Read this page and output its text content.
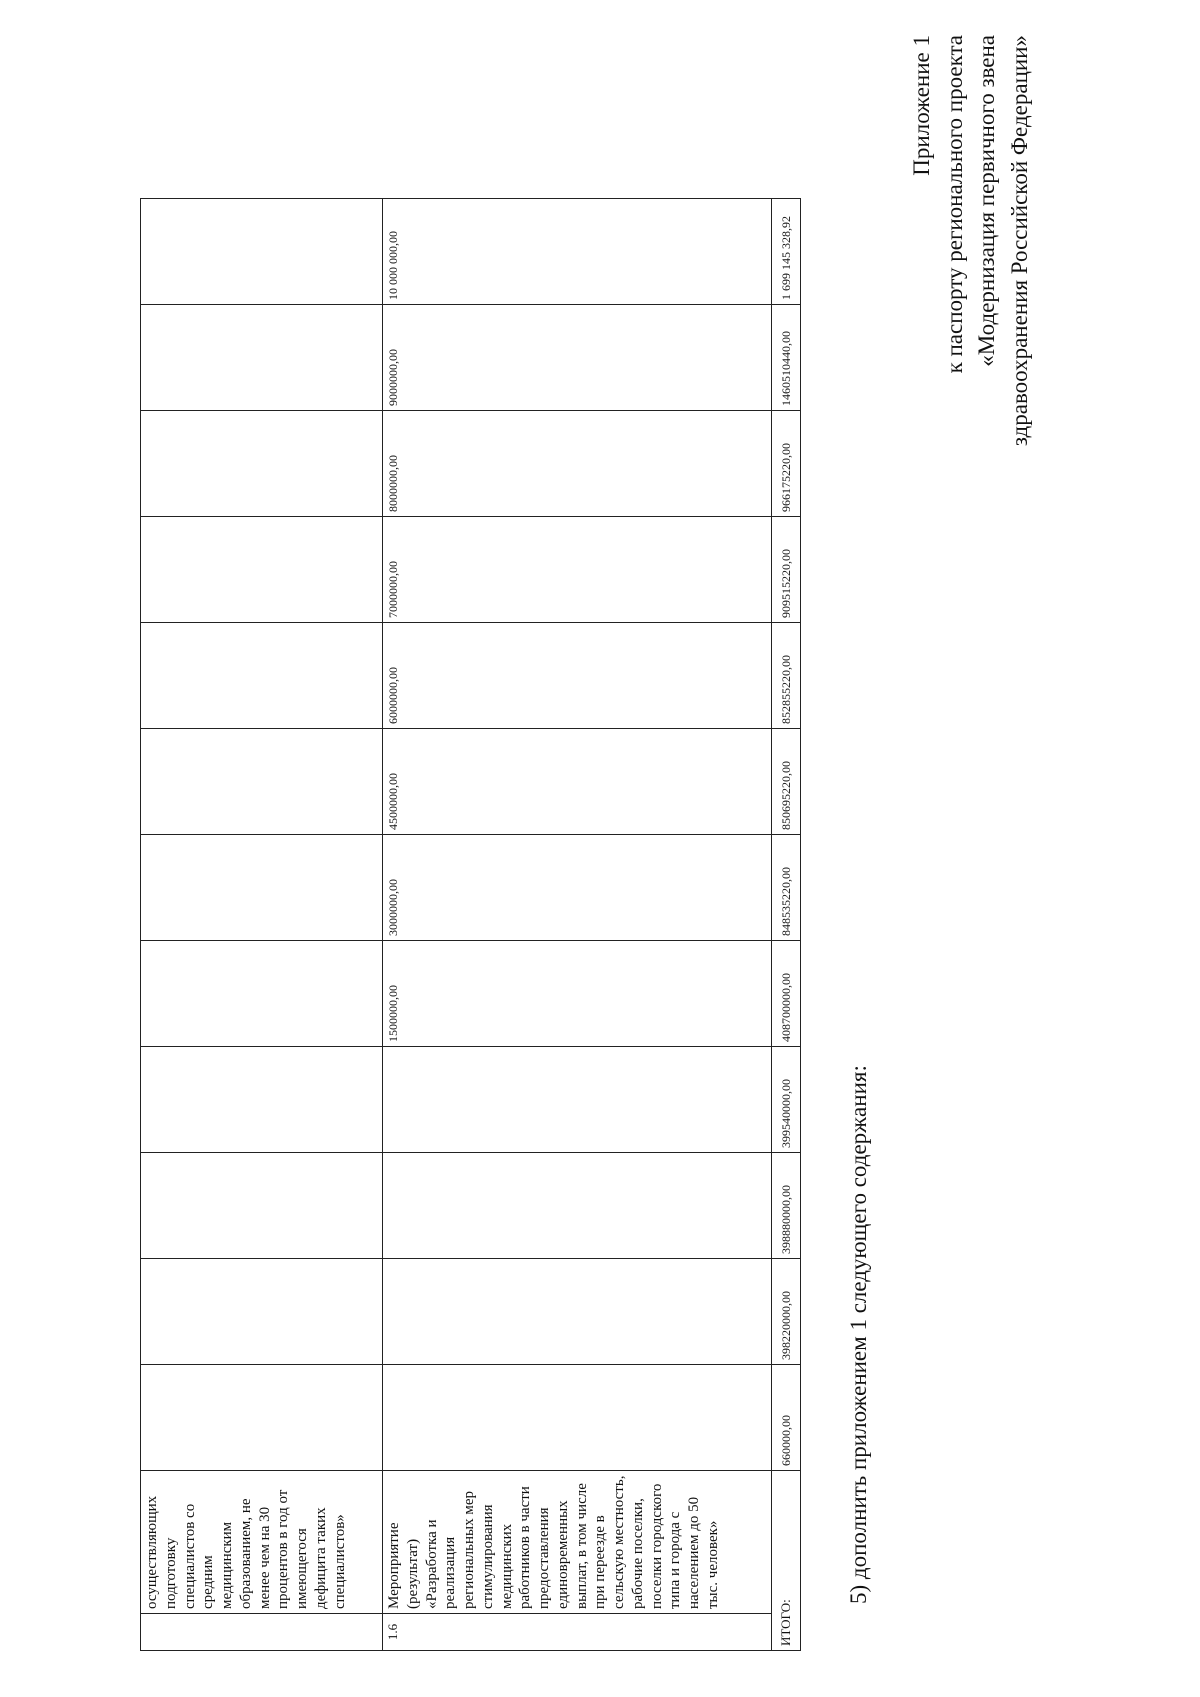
	осуществляющих подготовку специалистов со средним медицинским образованием, не менее чем на 30 процентов в год от имеющегося дефицита таких специалистов»												
1.6	Мероприятие (результат) «Разработка и реализация региональных мер стимулирования медицинских работников в части предоставления единовременных выплат, в том числе при переезде в сельскую местность, рабочие поселки, поселки городского типа и города с населением до 50 тыс. человек»					1500000,00	3000000,00	4500000,00	6000000,00	7000000,00	8000000,00	9000000,00	10 000 000,00
ИТОГО:		660000,00	398220000,00	398880000,00	399540000,00	408700000,00	848535220,00	850695220,00	852855220,00	909515220,00	966175220,00	1460510440,00	1 699 145 328,92
5) дополнить приложением 1 следующего содержания:
Приложение 1 к паспорту регионального проекта «Модернизация первичного звена здравоохранения Российской Федерации»
